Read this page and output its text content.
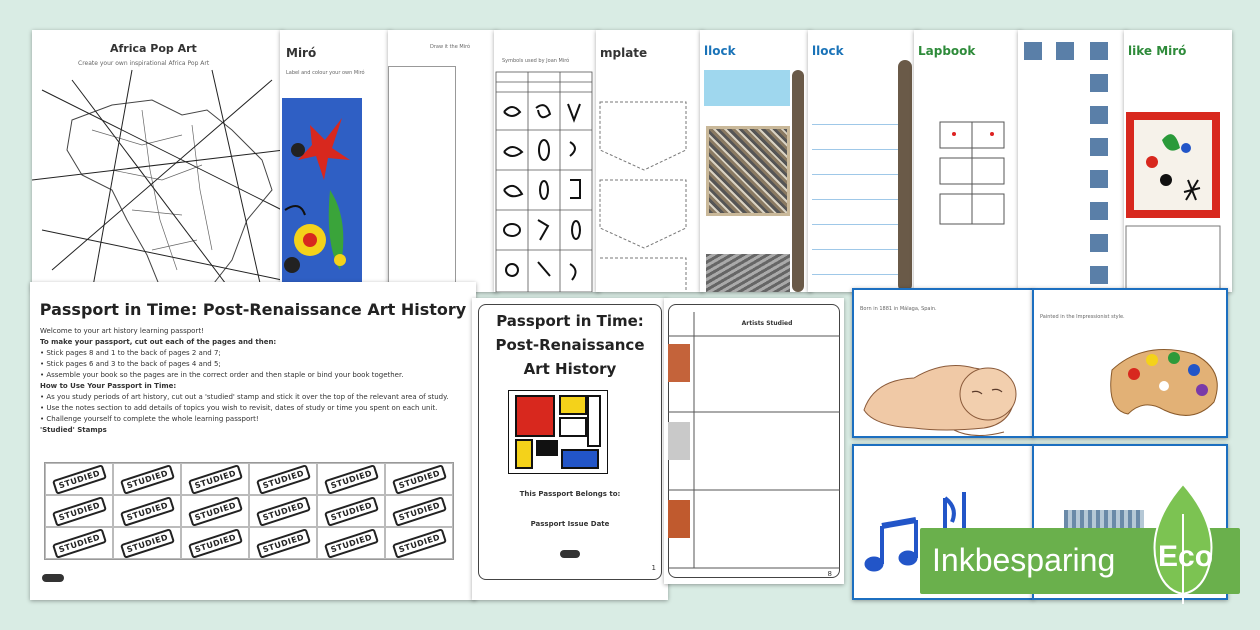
Africa Pop Art
Create your own inspirational Africa Pop Art
Miró
Label and colour your own Miró
Draw it the Miró
Symbols used by Joan Miró
mplate	llock	llock	Lapbook	like Miró
Passport in Time: Post-Renaissance Art History
Welcome to your art history learning passport!
To make your passport, cut out each of the pages and then:
• Stick pages 8 and 1 to the back of pages 2 and 7;
• Stick pages 6 and 3 to the back of pages 4 and 5;
• Assemble your book so the pages are in the correct order and then staple or bind your book together.
How to Use Your Passport in Time:
• As you study periods of art history, cut out a 'studied' stamp and stick it over the top of the relevant area of study.
• Use the notes section to add details of topics you wish to revisit, dates of study or time you spent on each unit.
• Challenge yourself to complete the whole learning passport!
'Studied' Stamps
STUDIED	STUDIED	STUDIED	STUDIED	STUDIED	STUDIED
STUDIED	STUDIED	STUDIED	STUDIED	STUDIED	STUDIED
STUDIED	STUDIED	STUDIED	STUDIED	STUDIED	STUDIED
Passport in Time:
Post-Renaissance
Art History
This Passport Belongs to:
Passport Issue Date
1
Artists Studied
8
Born in 1881 in Málaga, Spain.
Painted in the Impressionist style.
Inkbesparing Eco
